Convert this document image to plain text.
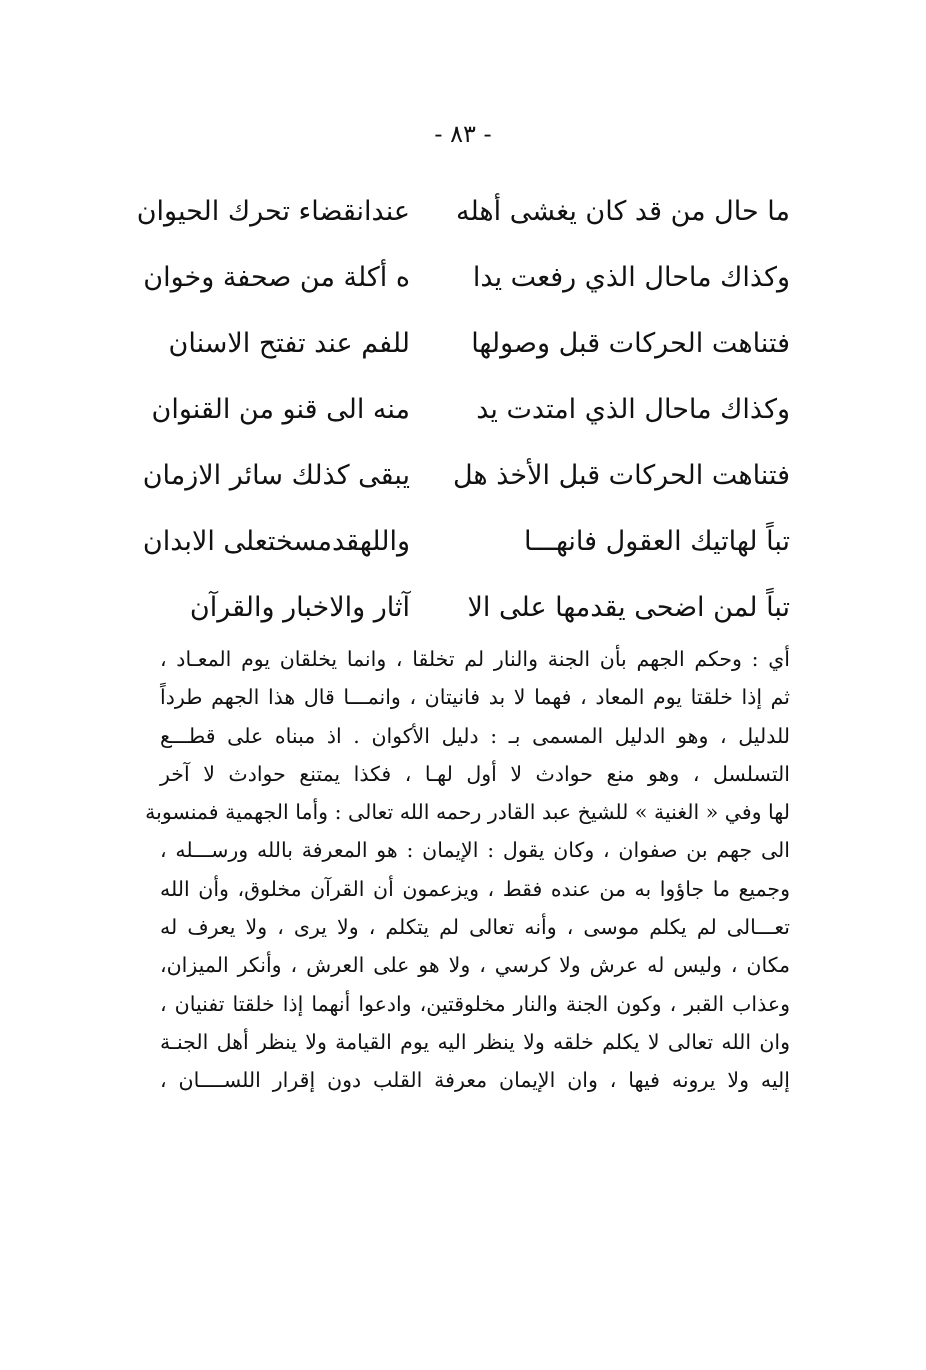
- ٨٣ -
ما حال من قد كان يغشى أهله
عندانقضاء تحرك الحيوان
وكذاك ماحال الذي رفعت يدا
ه أكلة من صحفة وخوان
فتناهت الحركات قبل وصولها
للفم عند تفتح الاسنان
وكذاك ماحال الذي امتدت يد
منه الى قنو من القنوان
فتناهت الحركات قبل الأخذ هل
يبقى كذلك سائر الازمان
تباً لهاتيك العقول فانهـــا
واللهقدمسختعلى الابدان
تباً لمن اضحى يقدمها على الا
آثار والاخبار والقرآن
أي : وحكم الجهم بأن الجنة والنار لم تخلقا ، وانما يخلقان يوم المعـاد ،
ثم إذا خلقتا يوم المعاد ، فهما لا بد فانيتان ، وانمـــا قال هذا الجهم طرداً
للدليل ، وهو الدليل المسمى بـ : دليل الأكوان . اذ مبناه على قطـــع
التسلسل ، وهو منع حوادث لا أول لهـا ، فكذا يمتنع حوادث لا آخر
لها وفي « الغنية » للشيخ عبد القادر رحمه الله تعالى : وأما الجهمية فمنسوبة
الى جهم بن صفوان ، وكان يقول : الإيمان : هو المعرفة بالله ورســـله ،
وجميع ما جاؤوا به من عنده فقط ، ويزعمون أن القرآن مخلوق، وأن الله
تعـــالى لم يكلم موسى ، وأنه تعالى لم يتكلم ، ولا يرى ، ولا يعرف له
مكان ، وليس له عرش ولا كرسي ، ولا هو على العرش ، وأنكر الميزان،
وعذاب القبر ، وكون الجنة والنار مخلوقتين، وادعوا أنهما إذا خلقتا تفنيان ،
وان الله تعالى لا يكلم خلقه ولا ينظر اليه يوم القيامة ولا ينظر أهل الجنـة
إليه ولا يرونه فيها ، وان الإيمان معرفة القلب دون إقرار اللســــان ،
